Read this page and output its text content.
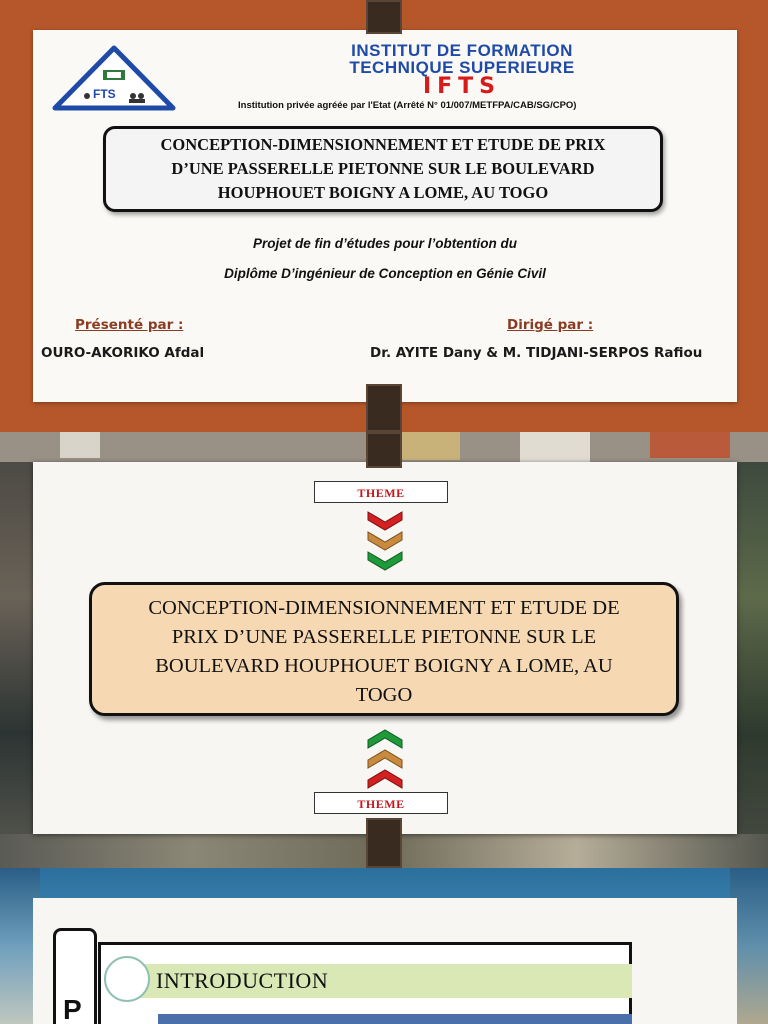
FTS
INSTITUT DE FORMATION
TECHNIQUE SUPERIEURE
IFTS
Institution privée agréée par l'Etat (Arrêté N° 01/007/METFPA/CAB/SG/CPO)
CONCEPTION-DIMENSIONNEMENT ET ETUDE DE PRIX
D’UNE PASSERELLE PIETONNE SUR LE BOULEVARD
HOUPHOUET BOIGNY A LOME, AU TOGO
Projet de fin d’études pour l’obtention du
Diplôme D’ingénieur de Conception en Génie Civil
Présenté par :
OURO-AKORIKO Afdal
Dirigé par :
Dr. AYITE Dany & M. TIDJANI-SERPOS Rafiou
THEME
CONCEPTION-DIMENSIONNEMENT ET ETUDE DE
PRIX D’UNE PASSERELLE PIETONNE SUR LE
BOULEVARD HOUPHOUET BOIGNY A LOME, AU
TOGO
THEME
P
INTRODUCTION
